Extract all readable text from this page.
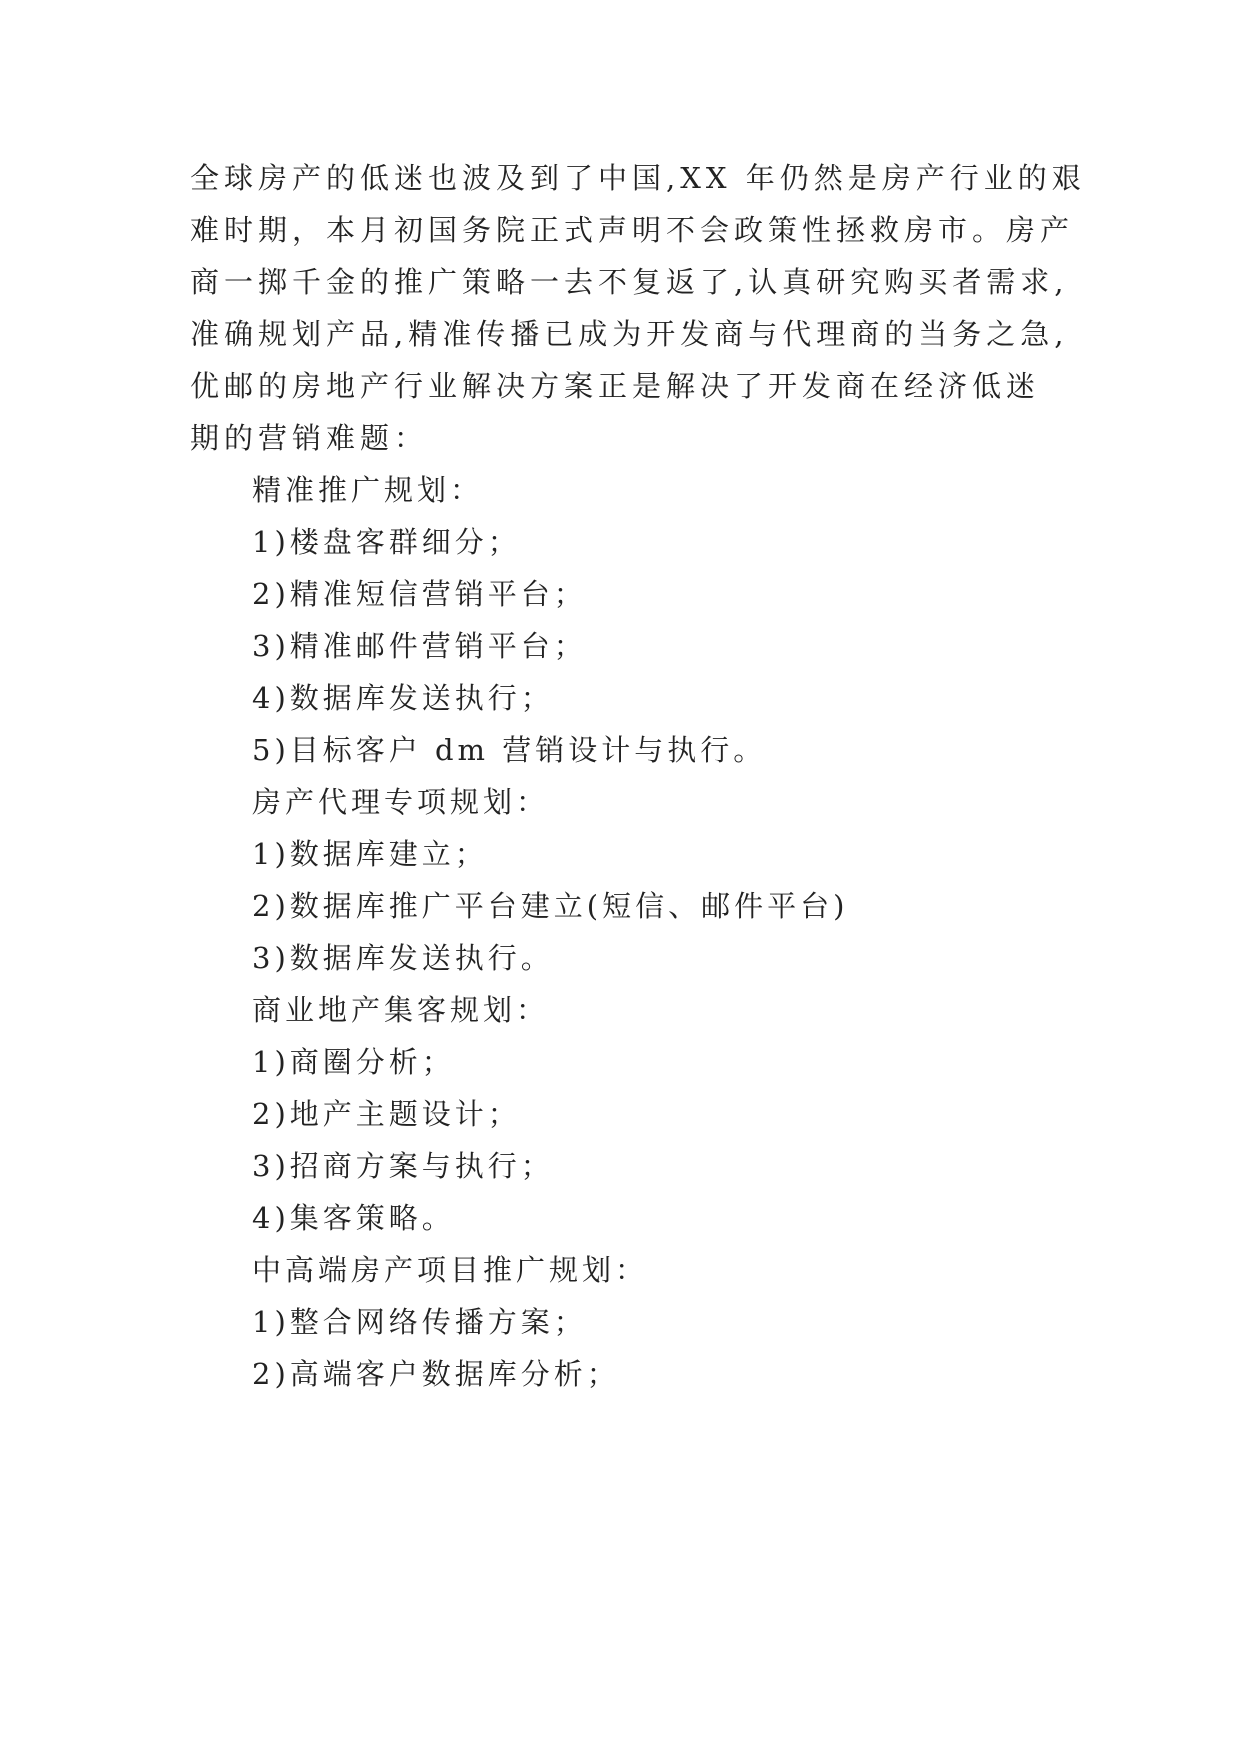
全球房产的低迷也波及到了中国,XX 年仍然是房产行业的艰
难时期，本月初国务院正式声明不会政策性拯救房市。房产
商一掷千金的推广策略一去不复返了,认真研究购买者需求,
准确规划产品,精准传播已成为开发商与代理商的当务之急,
优邮的房地产行业解决方案正是解决了开发商在经济低迷
期的营销难题：
精准推广规划：
1)楼盘客群细分；
2)精准短信营销平台；
3)精准邮件营销平台；
4)数据库发送执行；
5)目标客户 dm 营销设计与执行。
房产代理专项规划：
1)数据库建立；
2)数据库推广平台建立(短信、邮件平台)
3)数据库发送执行。
商业地产集客规划：
1)商圈分析；
2)地产主题设计；
3)招商方案与执行；
4)集客策略。
中高端房产项目推广规划：
1)整合网络传播方案；
2)高端客户数据库分析；
